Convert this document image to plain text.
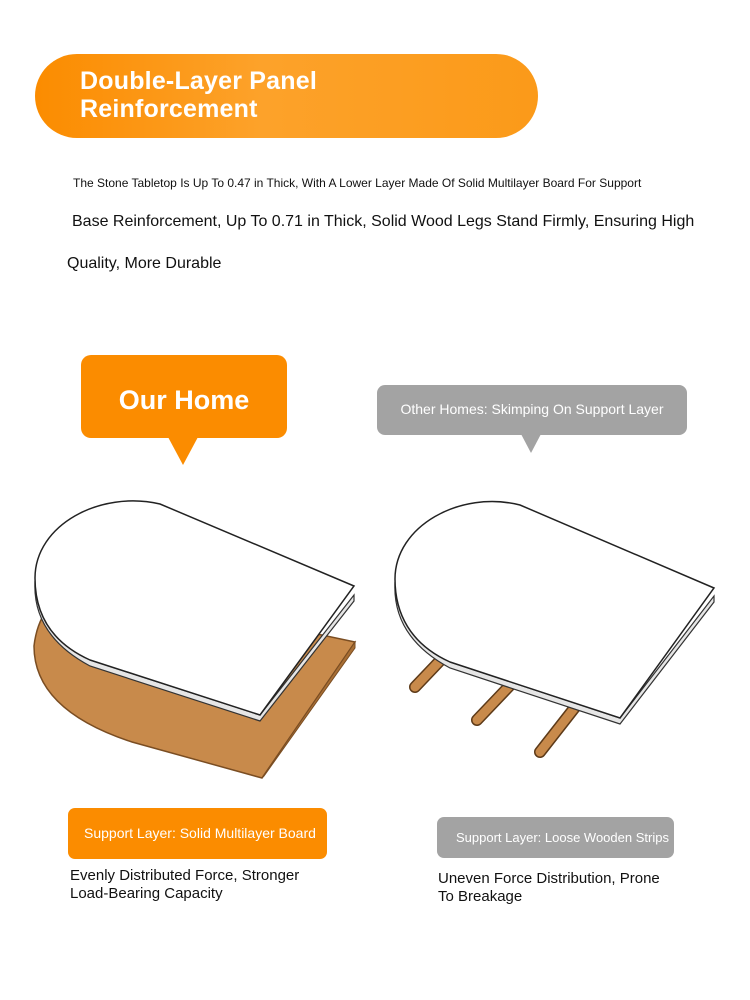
Double-Layer Panel
Reinforcement
The Stone Tabletop Is Up To 0.47 in Thick, With A Lower Layer Made Of Solid Multilayer Board For Support
Base Reinforcement, Up To 0.71 in Thick, Solid Wood Legs Stand Firmly, Ensuring High
Quality, More Durable
Our Home	Other Homes: Skimping On Support Layer
Support Layer: Solid Multilayer Board	Support Layer: Loose Wooden Strips
Evenly Distributed Force, Stronger
Load-Bearing Capacity
Uneven Force Distribution, Prone
To Breakage
